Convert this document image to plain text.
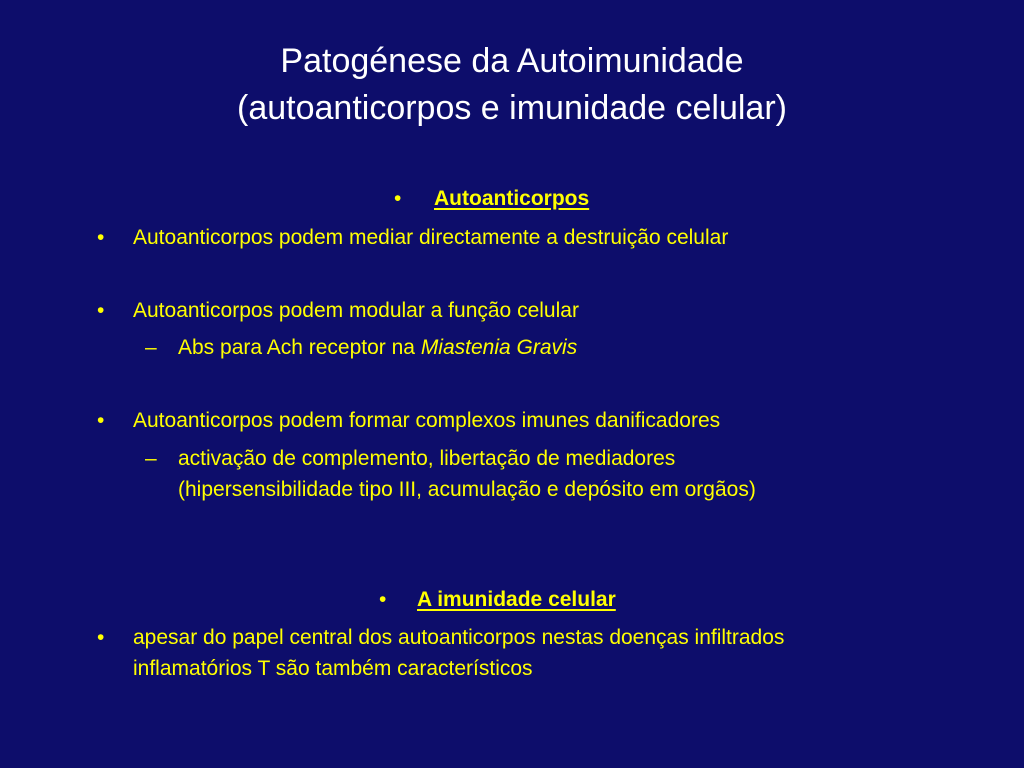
Patogénese da Autoimunidade
(autoanticorpos e imunidade celular)
• Autoanticorpos
• Autoanticorpos podem mediar directamente a destruição celular
• Autoanticorpos podem modular a função celular
– Abs para Ach receptor na Miastenia Gravis
• Autoanticorpos podem formar complexos imunes danificadores
– activação de complemento, libertação de mediadores
(hipersensibilidade tipo III, acumulação e depósito em orgãos)
• A imunidade celular
• apesar do papel central dos autoanticorpos nestas doenças infiltrados
inflamatórios T são também característicos
